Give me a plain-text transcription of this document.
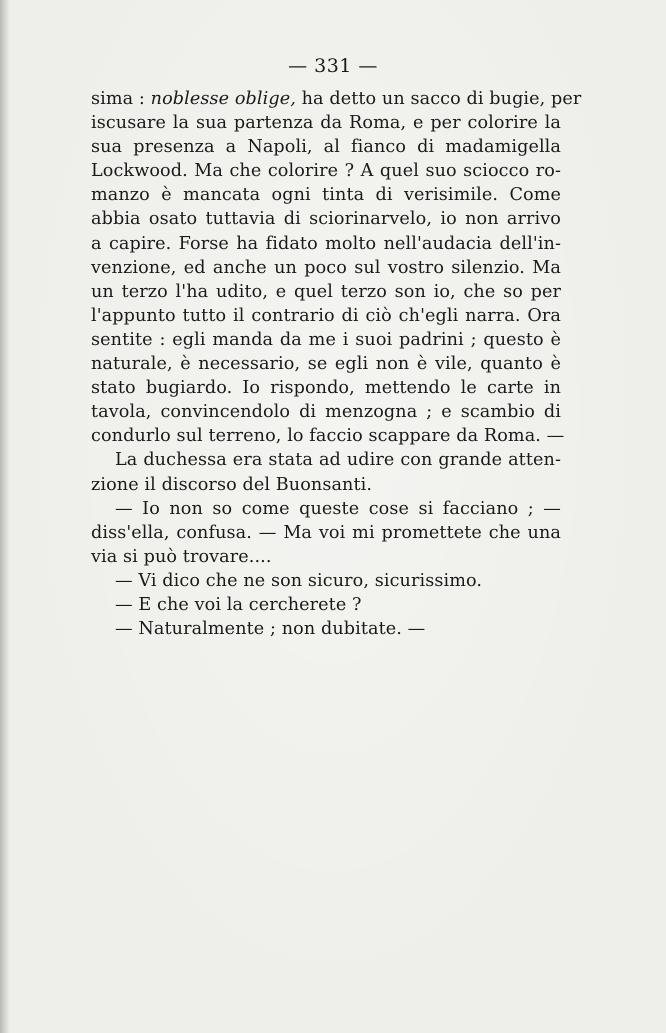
— 331 —
sima : noblesse oblige, ha detto un sacco di bugie, per
iscusare la sua partenza da Roma, e per colorire la
sua presenza a Napoli, al fianco di madamigella
Lockwood. Ma che colorire ? A quel suo sciocco ro-
manzo è mancata ogni tinta di verisimile. Come
abbia osato tuttavia di sciorinarvelo, io non arrivo
a capire. Forse ha fidato molto nell'audacia dell'in-
venzione, ed anche un poco sul vostro silenzio. Ma
un terzo l'ha udito, e quel terzo son io, che so per
l'appunto tutto il contrario di ciò ch'egli narra. Ora
sentite : egli manda da me i suoi padrini ; questo è
naturale, è necessario, se egli non è vile, quanto è
stato bugiardo. Io rispondo, mettendo le carte in
tavola, convincendolo di menzogna ; e scambio di
condurlo sul terreno, lo faccio scappare da Roma. —
La duchessa era stata ad udire con grande atten-
zione il discorso del Buonsanti.
— Io non so come queste cose si facciano ; —
diss'ella, confusa. — Ma voi mi promettete che una
via si può trovare....
— Vi dico che ne son sicuro, sicurissimo.
— E che voi la cercherete ?
— Naturalmente ; non dubitate. —
